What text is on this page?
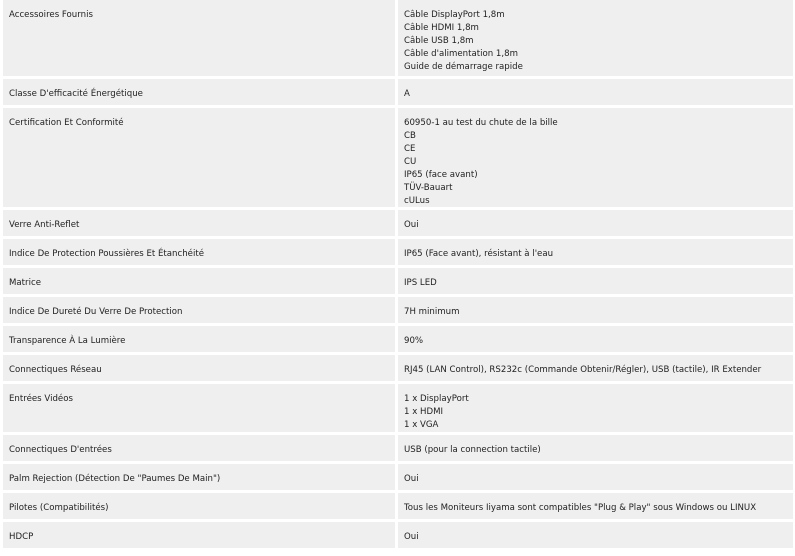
Accessoires Fournis	Câble DisplayPort 1,8m
Câble HDMI 1,8m
Câble USB 1,8m
Câble d'alimentation 1,8m
Guide de démarrage rapide
Classe D'efficacité Énergétique	A
Certification Et Conformité	60950-1 au test du chute de la bille
CB
CE
CU
IP65 (face avant)
TÜV-Bauart
cULus
Verre Anti-Reflet	Oui
Indice De Protection Poussières Et Étanchéité	IP65 (Face avant), résistant à l'eau
Matrice	IPS LED
Indice De Dureté Du Verre De Protection	7H minimum
Transparence À La Lumière	90%
Connectiques Réseau	RJ45 (LAN Control), RS232c (Commande Obtenir/Régler), USB (tactile), IR Extender
Entrées Vidéos	1 x DisplayPort
1 x HDMI
1 x VGA
Connectiques D'entrées	USB (pour la connection tactile)
Palm Rejection (Détection De "Paumes De Main")	Oui
Pilotes (Compatibilités)	Tous les Moniteurs Iiyama sont compatibles "Plug & Play" sous Windows ou LINUX
HDCP	Oui
